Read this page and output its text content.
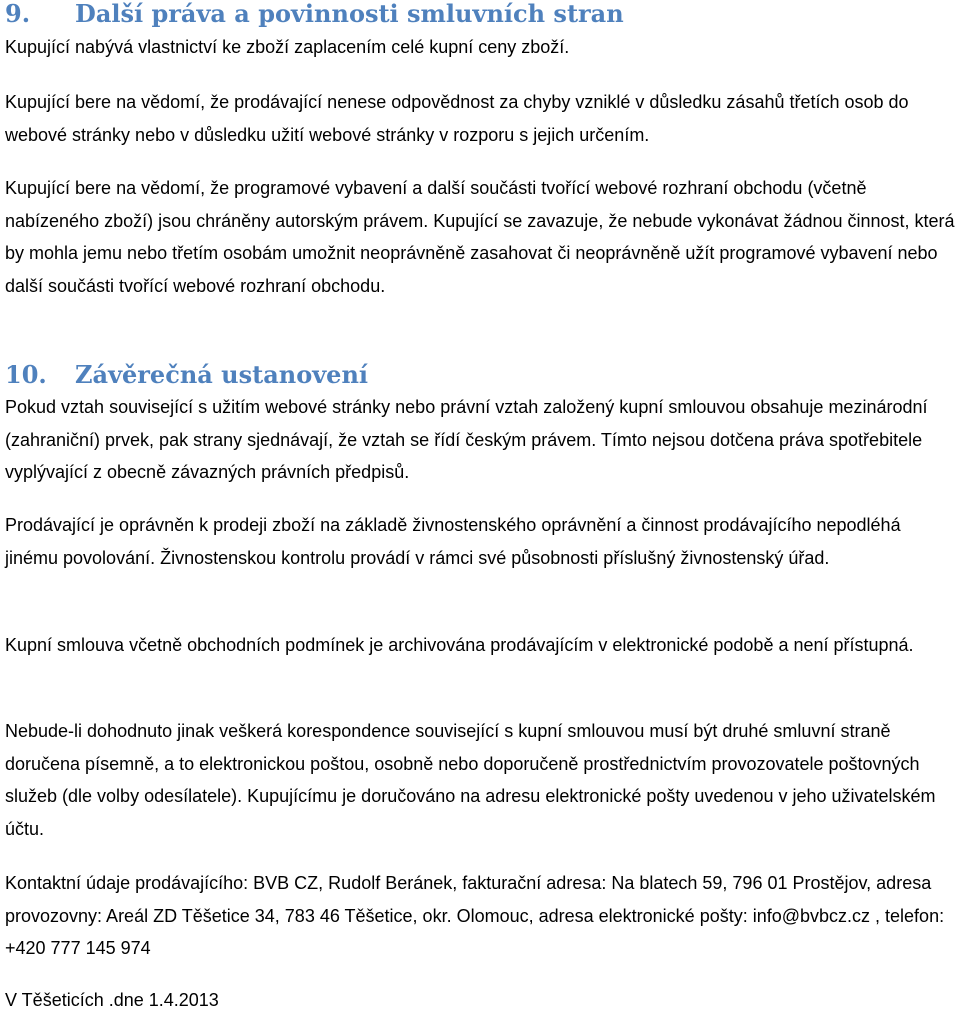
9. Další práva a povinnosti smluvních stran

Kupující nabývá vlastnictví ke zboží zaplacením celé kupní ceny zboží.

Kupující bere na vědomí, že prodávající nenese odpovědnost za chyby vzniklé v důsledku zásahů třetích osob do webové stránky nebo v důsledku užití webové stránky v rozporu s jejich určením.

Kupující bere na vědomí, že programové vybavení a další součásti tvořící webové rozhraní obchodu (včetně nabízeného zboží) jsou chráněny autorským právem. Kupující se zavazuje, že nebude vykonávat žádnou činnost, která by mohla jemu nebo třetím osobám umožnit neoprávněně zasahovat či neoprávněně užít programové vybavení nebo další součásti tvořící webové rozhraní obchodu.

10. Závěrečná ustanovení

Pokud vztah související s užitím webové stránky nebo právní vztah založený kupní smlouvou obsahuje mezinárodní (zahraniční) prvek, pak strany sjednávají, že vztah se řídí českým právem. Tímto nejsou dotčena práva spotřebitele vyplývající z obecně závazných právních předpisů.

Prodávající je oprávněn k prodeji zboží na základě živnostenského oprávnění a činnost prodávajícího nepodléhá jinému povolování. Živnostenskou kontrolu provádí v rámci své působnosti příslušný živnostenský úřad.

Kupní smlouva včetně obchodních podmínek je archivována prodávajícím v elektronické podobě a není přístupná.

Nebude-li dohodnuto jinak veškerá korespondence související s kupní smlouvou musí být druhé smluvní straně doručena písemně, a to elektronickou poštou, osobně nebo doporučeně prostřednictvím provozovatele poštovných služeb (dle volby odesílatele). Kupujícímu je doručováno na adresu elektronické pošty uvedenou v jeho uživatelském účtu.

Kontaktní údaje prodávajícího: BVB CZ, Rudolf Beránek, fakturační adresa: Na blatech 59, 796 01 Prostějov, adresa provozovny: Areál ZD Těšetice 34, 783 46 Těšetice, okr. Olomouc, adresa elektronické pošty: info@bvbcz.cz , telefon: +420 777 145 974

V Těšeticích .dne 1.4.2013
